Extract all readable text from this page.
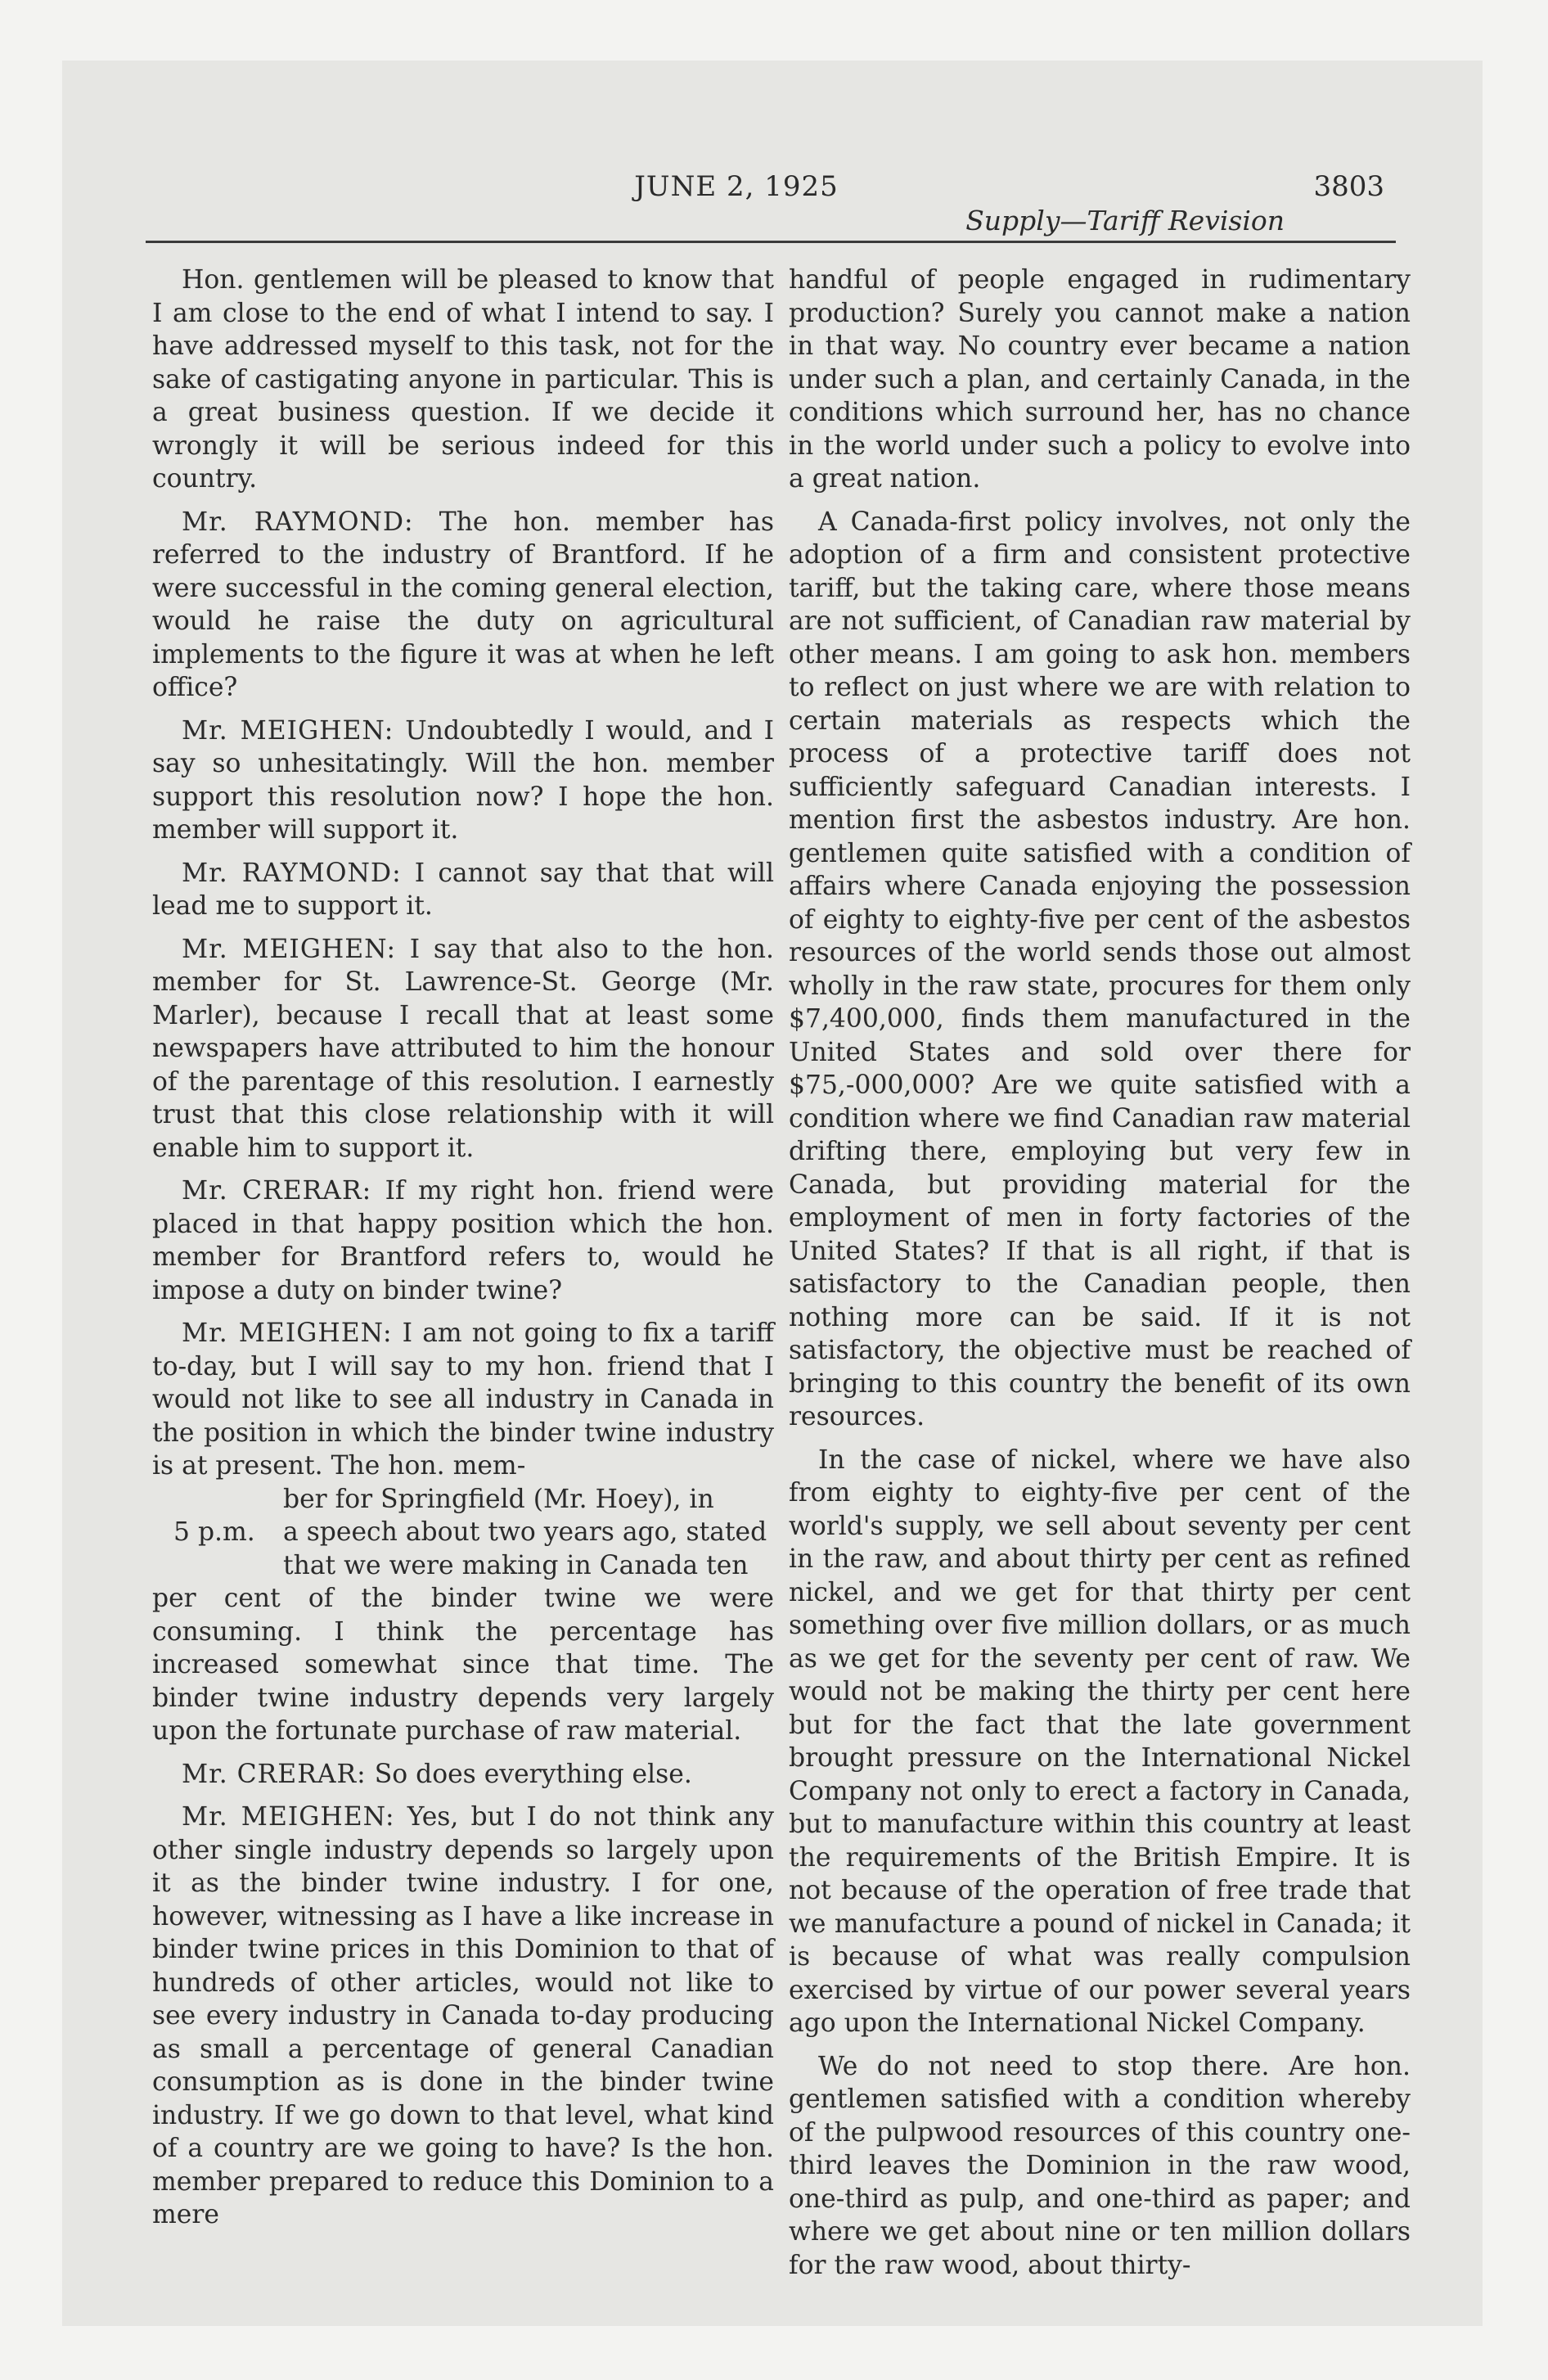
JUNE 2, 1925	3803
Supply—Tariff Revision

Hon. gentlemen will be pleased to know that I am close to the end of what I intend to say. I have addressed myself to this task, not for the sake of castigating anyone in particular. This is a great business question. If we decide it wrongly it will be serious indeed for this country.

Mr. RAYMOND: The hon. member has referred to the industry of Brantford. If he were successful in the coming general election, would he raise the duty on agricultural implements to the figure it was at when he left office?

Mr. MEIGHEN: Undoubtedly I would, and I say so unhesitatingly. Will the hon. member support this resolution now? I hope the hon. member will support it.

Mr. RAYMOND: I cannot say that that will lead me to support it.

Mr. MEIGHEN: I say that also to the hon. member for St. Lawrence-St. George (Mr. Marler), because I recall that at least some newspapers have attributed to him the honour of the parentage of this resolution. I earnestly trust that this close relationship with it will enable him to support it.

Mr. CRERAR: If my right hon. friend were placed in that happy position which the hon. member for Brantford refers to, would he impose a duty on binder twine?

Mr. MEIGHEN: I am not going to fix a tariff to-day, but I will say to my hon. friend that I would not like to see all industry in Canada in the position in which the binder twine industry is at present. The hon. mem-

ber for Springfield (Mr. Hoey), in

5 p.m. a speech about two years ago, stated

that we were making in Canada ten

per cent of the binder twine we were consuming. I think the percentage has increased somewhat since that time. The binder twine industry depends very largely upon the fortunate purchase of raw material.

Mr. CRERAR: So does everything else.

Mr. MEIGHEN: Yes, but I do not think any other single industry depends so largely upon it as the binder twine industry. I for one, however, witnessing as I have a like increase in binder twine prices in this Dominion to that of hundreds of other articles, would not like to see every industry in Canada to-day producing as small a percentage of general Canadian consumption as is done in the binder twine industry. If we go down to that level, what kind of a country are we going to have? Is the hon. member prepared to reduce this Dominion to a mere

handful of people engaged in rudimentary production? Surely you cannot make a nation in that way. No country ever became a nation under such a plan, and certainly Canada, in the conditions which surround her, has no chance in the world under such a policy to evolve into a great nation.

A Canada-first policy involves, not only the adoption of a firm and consistent protective tariff, but the taking care, where those means are not sufficient, of Canadian raw material by other means. I am going to ask hon. members to reflect on just where we are with relation to certain materials as respects which the process of a protective tariff does not sufficiently safeguard Canadian interests. I mention first the asbestos industry. Are hon. gentlemen quite satisfied with a condition of affairs where Canada enjoying the possession of eighty to eighty-five per cent of the asbestos resources of the world sends those out almost wholly in the raw state, procures for them only $7,400,000, finds them manufactured in the United States and sold over there for $75,-000,000? Are we quite satisfied with a condition where we find Canadian raw material drifting there, employing but very few in Canada, but providing material for the employment of men in forty factories of the United States? If that is all right, if that is satisfactory to the Canadian people, then nothing more can be said. If it is not satisfactory, the objective must be reached of bringing to this country the benefit of its own resources.

In the case of nickel, where we have also from eighty to eighty-five per cent of the world's supply, we sell about seventy per cent in the raw, and about thirty per cent as refined nickel, and we get for that thirty per cent something over five million dollars, or as much as we get for the seventy per cent of raw. We would not be making the thirty per cent here but for the fact that the late government brought pressure on the International Nickel Company not only to erect a factory in Canada, but to manufacture within this country at least the requirements of the British Empire. It is not because of the operation of free trade that we manufacture a pound of nickel in Canada; it is because of what was really compulsion exercised by virtue of our power several years ago upon the International Nickel Company.

We do not need to stop there. Are hon. gentlemen satisfied with a condition whereby of the pulpwood resources of this country one-third leaves the Dominion in the raw wood, one-third as pulp, and one-third as paper; and where we get about nine or ten million dollars for the raw wood, about thirty-
